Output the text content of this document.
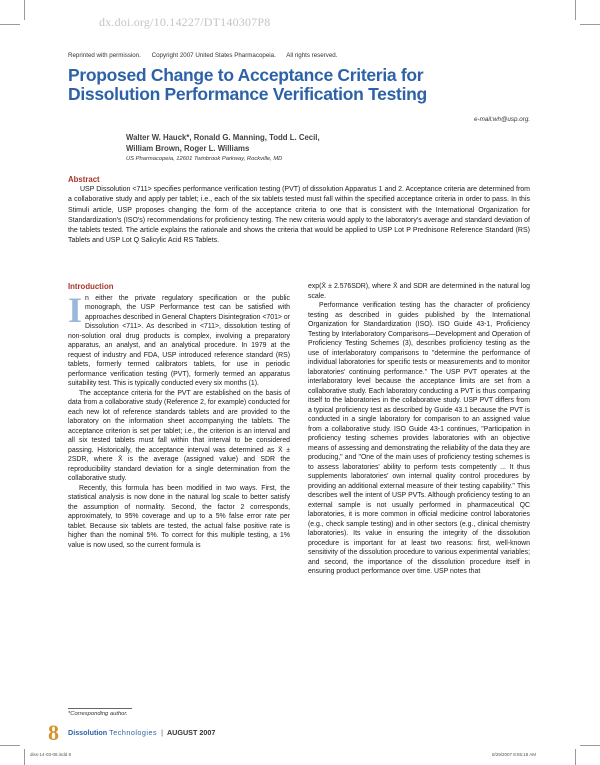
dx.doi.org/10.14227/DT140307P8
Reprinted with permission. Copyright 2007 United States Pharmacopeia. All rights reserved.
Proposed Change to Acceptance Criteria for Dissolution Performance Verification Testing
e-mail:wh@usp.org.
Walter W. Hauck*, Ronald G. Manning, Todd L. Cecil,
William Brown, Roger L. Williams
US Pharmacopeia, 12601 Twinbrook Parkway, Rockville, MD
Abstract

USP Dissolution <711> specifies performance verification testing (PVT) of dissolution Apparatus 1 and 2. Acceptance criteria are determined from a collaborative study and apply per tablet; i.e., each of the six tablets tested must fall within the specified acceptance criteria in order to pass. In this Stimuli article, USP proposes changing the form of the acceptance criteria to one that is consistent with the International Organization for Standardization's (ISO's) recommendations for proficiency testing. The new criteria would apply to the laboratory's average and standard deviation of the tablets tested. The article explains the rationale and shows the criteria that would be applied to USP Lot P Prednisone Reference Standard (RS) Tablets and USP Lot Q Salicylic Acid RS Tablets.

Introduction

In either the private regulatory specification or the public monograph, the USP Performance test can be satisfied with approaches described in General Chapters Disintegration <701> or Dissolution <711>. As described in <711>, dissolution testing of non-solution oral drug products is complex, involving a preparatory apparatus, an analyst, and an analytical procedure. In 1979 at the request of industry and FDA, USP introduced reference standard (RS) tablets, formerly termed calibrators tablets, for use in periodic performance verification testing (PVT), formerly termed an apparatus suitability test. This is typically conducted every six months (1).

The acceptance criteria for the PVT are established on the basis of data from a collaborative study (Reference 2, for example) conducted for each new lot of reference standards tablets and are provided to the laboratory on the information sheet accompanying the tablets. The acceptance criterion is set per tablet; i.e., the criterion is an interval and all six tested tablets must fall within that interval to be considered passing. Historically, the acceptance interval was determined as X̄ ± 2SDR, where X̄ is the average (assigned value) and SDR the reproducibility standard deviation for a single determination from the collaborative study.

Recently, this formula has been modified in two ways. First, the statistical analysis is now done in the natural log scale to better satisfy the assumption of normality. Second, the factor 2 corresponds, approximately, to 95% coverage and up to a 5% false error rate per tablet. Because six tablets are tested, the actual false positive rate is higher than the nominal 5%. To correct for this multiple testing, a 1% value is now used, so the current formula is

exp(X̄ ± 2.576SDR), where X̄ and SDR are determined in the natural log scale.

Performance verification testing has the character of proficiency testing as described in guides published by the International Organization for Standardization (ISO). ISO Guide 43-1, Proficiency Testing by Interlaboratory Comparisons—Development and Operation of Proficiency Testing Schemes (3), describes proficiency testing as the use of interlaboratory comparisons to "determine the performance of individual laboratories for specific tests or measurements and to monitor laboratories' continuing performance." The USP PVT operates at the interlaboratory level because the acceptance limits are set from a collaborative study. Each laboratory conducting a PVT is thus comparing itself to the laboratories in the collaborative study. USP PVT differs from a typical proficiency test as described by Guide 43.1 because the PVT is conducted in a single laboratory for comparison to an assigned value from a collaborative study. ISO Guide 43-1 continues, "Participation in proficiency testing schemes provides laboratories with an objective means of assessing and demonstrating the reliability of the data they are producing," and "One of the main uses of proficiency testing schemes is to assess laboratories' ability to perform tests competently ... It thus supplements laboratories' own internal quality control procedures by providing an additional external measure of their testing capability." This describes well the intent of USP PVTs. Although proficiency testing to an external sample is not usually performed in pharmaceutical QC laboratories, it is more common in official medicine control laboratories (e.g., check sample testing) and in other sectors (e.g., clinical chemistry laboratories). Its value in ensuring the integrity of the dissolution procedure is important for at least two reasons: first, well-known sensitivity of the dissolution procedure to various experimental variables; and second, the importance of the dissolution procedure itself in ensuring product performance over time. USP notes that

*Corresponding author.
8 Dissolution Technologies | AUGUST 2007
diss-14-03-08.indd 8	8/29/2007 8:55:18 AM
